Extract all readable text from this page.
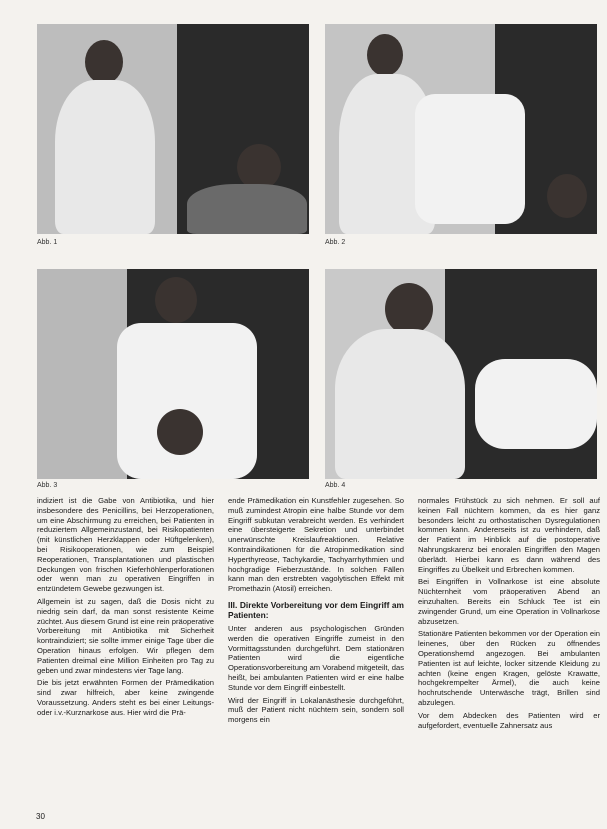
Abb. 1	Abb. 2
Abb. 3	Abb. 4

indiziert ist die Gabe von Antibiotika, und hier insbesondere des Penicillins, bei Herzoperationen, um eine Abschirmung zu erreichen, bei Patienten in reduziertem Allgemeinzustand, bei Risikopatienten (mit künstlichen Herzklappen oder Hüftgelenken), bei Risikooperationen, wie zum Beispiel Reoperationen, Transplantationen und plastischen Deckungen von frischen Kieferhöhlenperforationen oder wenn man zu operativen Eingriffen in entzündetem Gewebe gezwungen ist.

Allgemein ist zu sagen, daß die Dosis nicht zu niedrig sein darf, da man sonst resistente Keime züchtet. Aus diesem Grund ist eine rein präoperative Vorbereitung mit Antibiotika mit Sicherheit kontraindiziert; sie sollte immer einige Tage über die Operation hinaus erfolgen. Wir pflegen dem Patienten dreimal eine Million Einheiten pro Tag zu geben und zwar mindestens vier Tage lang.

Die bis jetzt erwähnten Formen der Prämedikation sind zwar hilfreich, aber keine zwingende Voraussetzung. Anders steht es bei einer Leitungs- oder i.v.-Kurznarkose aus. Hier wird die Prä-

ende Prämedikation ein Kunstfehler zugesehen. So muß zumindest Atropin eine halbe Stunde vor dem Eingriff subkutan verabreicht werden. Es verhindert eine übersteigerte Sekretion und unterbindet unerwünschte Kreislaufreaktionen. Relative Kontraindikationen für die Atropinmedikation sind Hyperthyreose, Tachykardie, Tachyarrhythmien und hochgradige Fieberzustände. In solchen Fällen kann man den erstrebten vagolytischen Effekt mit Promethazin (Atosil) erreichen.

III. Direkte Vorbereitung vor dem Eingriff am Patienten:

Unter anderen aus psychologischen Gründen werden die operativen Eingriffe zumeist in den Vormittagsstunden durchgeführt. Dem stationären Patienten wird die eigentliche Operationsvorbereitung am Vorabend mitgeteilt, das heißt, bei ambulanten Patienten wird er eine halbe Stunde vor dem Eingriff einbestellt.

Wird der Eingriff in Lokalanästhesie durchgeführt, muß der Patient nicht nüchtern sein, sondern soll morgens ein

normales Frühstück zu sich nehmen. Er soll auf keinen Fall nüchtern kommen, da es hier ganz besonders leicht zu orthostatischen Dysregulationen kommen kann. Andererseits ist zu verhindern, daß der Patient im Hinblick auf die postoperative Nahrungskarenz bei enoralen Eingriffen den Magen überlädt. Hierbei kann es dann während des Eingriffes zu Übelkeit und Erbrechen kommen.

Bei Eingriffen in Vollnarkose ist eine absolute Nüchternheit vom präoperativen Abend an einzuhalten. Bereits ein Schluck Tee ist ein zwingender Grund, um eine Operation in Vollnarkose abzusetzen.

Stationäre Patienten bekommen vor der Operation ein leinenes, über den Rücken zu öffnendes Operationshemd angezogen. Bei ambulanten Patienten ist auf leichte, locker sitzende Kleidung zu achten (keine engen Kragen, gelöste Krawatte, hochgekrempelter Ärmel), die auch keine hochrutschende Unterwäsche trägt, Brillen sind abzulegen.

Vor dem Abdecken des Patienten wird er aufgefordert, eventuelle Zahnersatz aus

30
